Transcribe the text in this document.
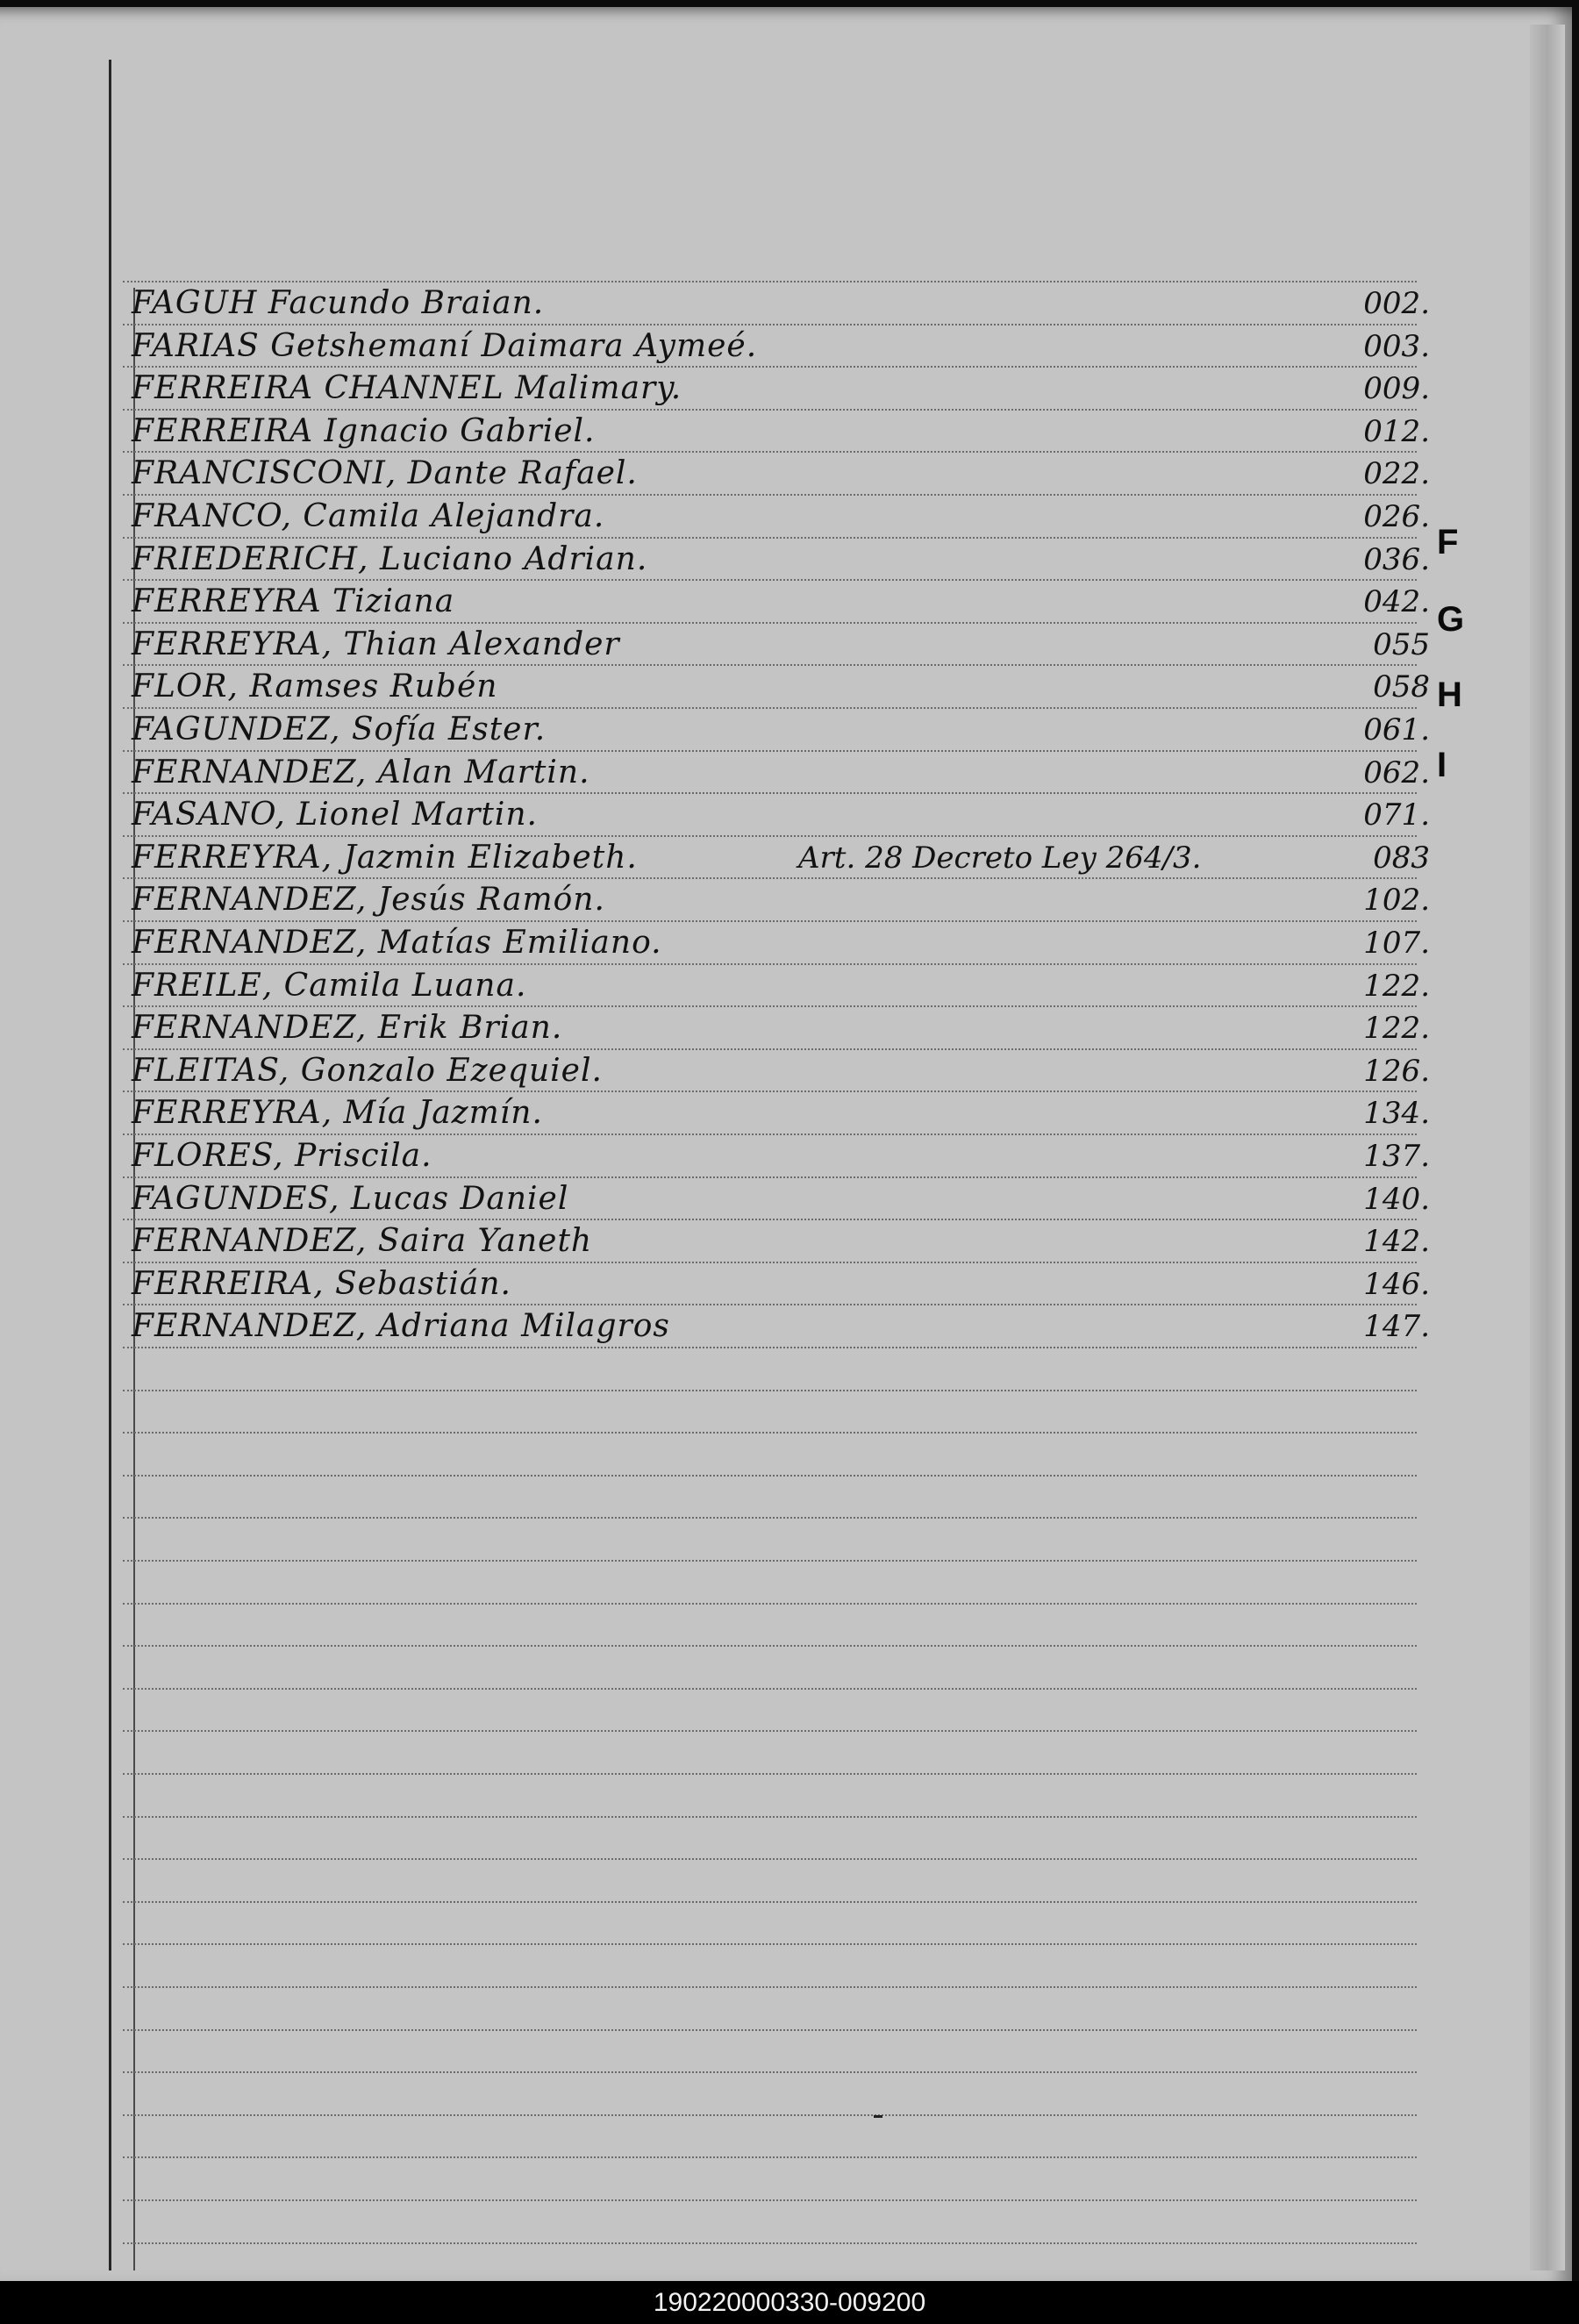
FAGUH Facundo Braian.	002.
FARIAS Getshemaní Daimara Aymeé.	003.
FERREIRA CHANNEL Malimary.	009.
FERREIRA Ignacio Gabriel.	012.
FRANCISCONI, Dante Rafael.	022.
FRANCO, Camila Alejandra.	026.
FRIEDERICH, Luciano Adrian.	036.
FERREYRA Tiziana	042.
FERREYRA, Thian Alexander	055
FLOR, Ramses Rubén	058
FAGUNDEZ, Sofía Ester.	061.
FERNANDEZ, Alan Martin.	062.
FASANO, Lionel Martin.	071.
FERREYRA, Jazmin Elizabeth.	Art. 28 Decreto Ley 264/3.	083
FERNANDEZ, Jesús Ramón.	102.
FERNANDEZ, Matías Emiliano.	107.
FREILE, Camila Luana.	122.
FERNANDEZ, Erik Brian.	122.
FLEITAS, Gonzalo Ezequiel.	126.
FERREYRA, Mía Jazmín.	134.
FLORES, Priscila.	137.
FAGUNDES, Lucas Daniel	140.
FERNANDEZ, Saira Yaneth	142.
FERREIRA, Sebastián.	146.
FERNANDEZ, Adriana Milagros	147.
F
G
H
I
190220000330-009200
